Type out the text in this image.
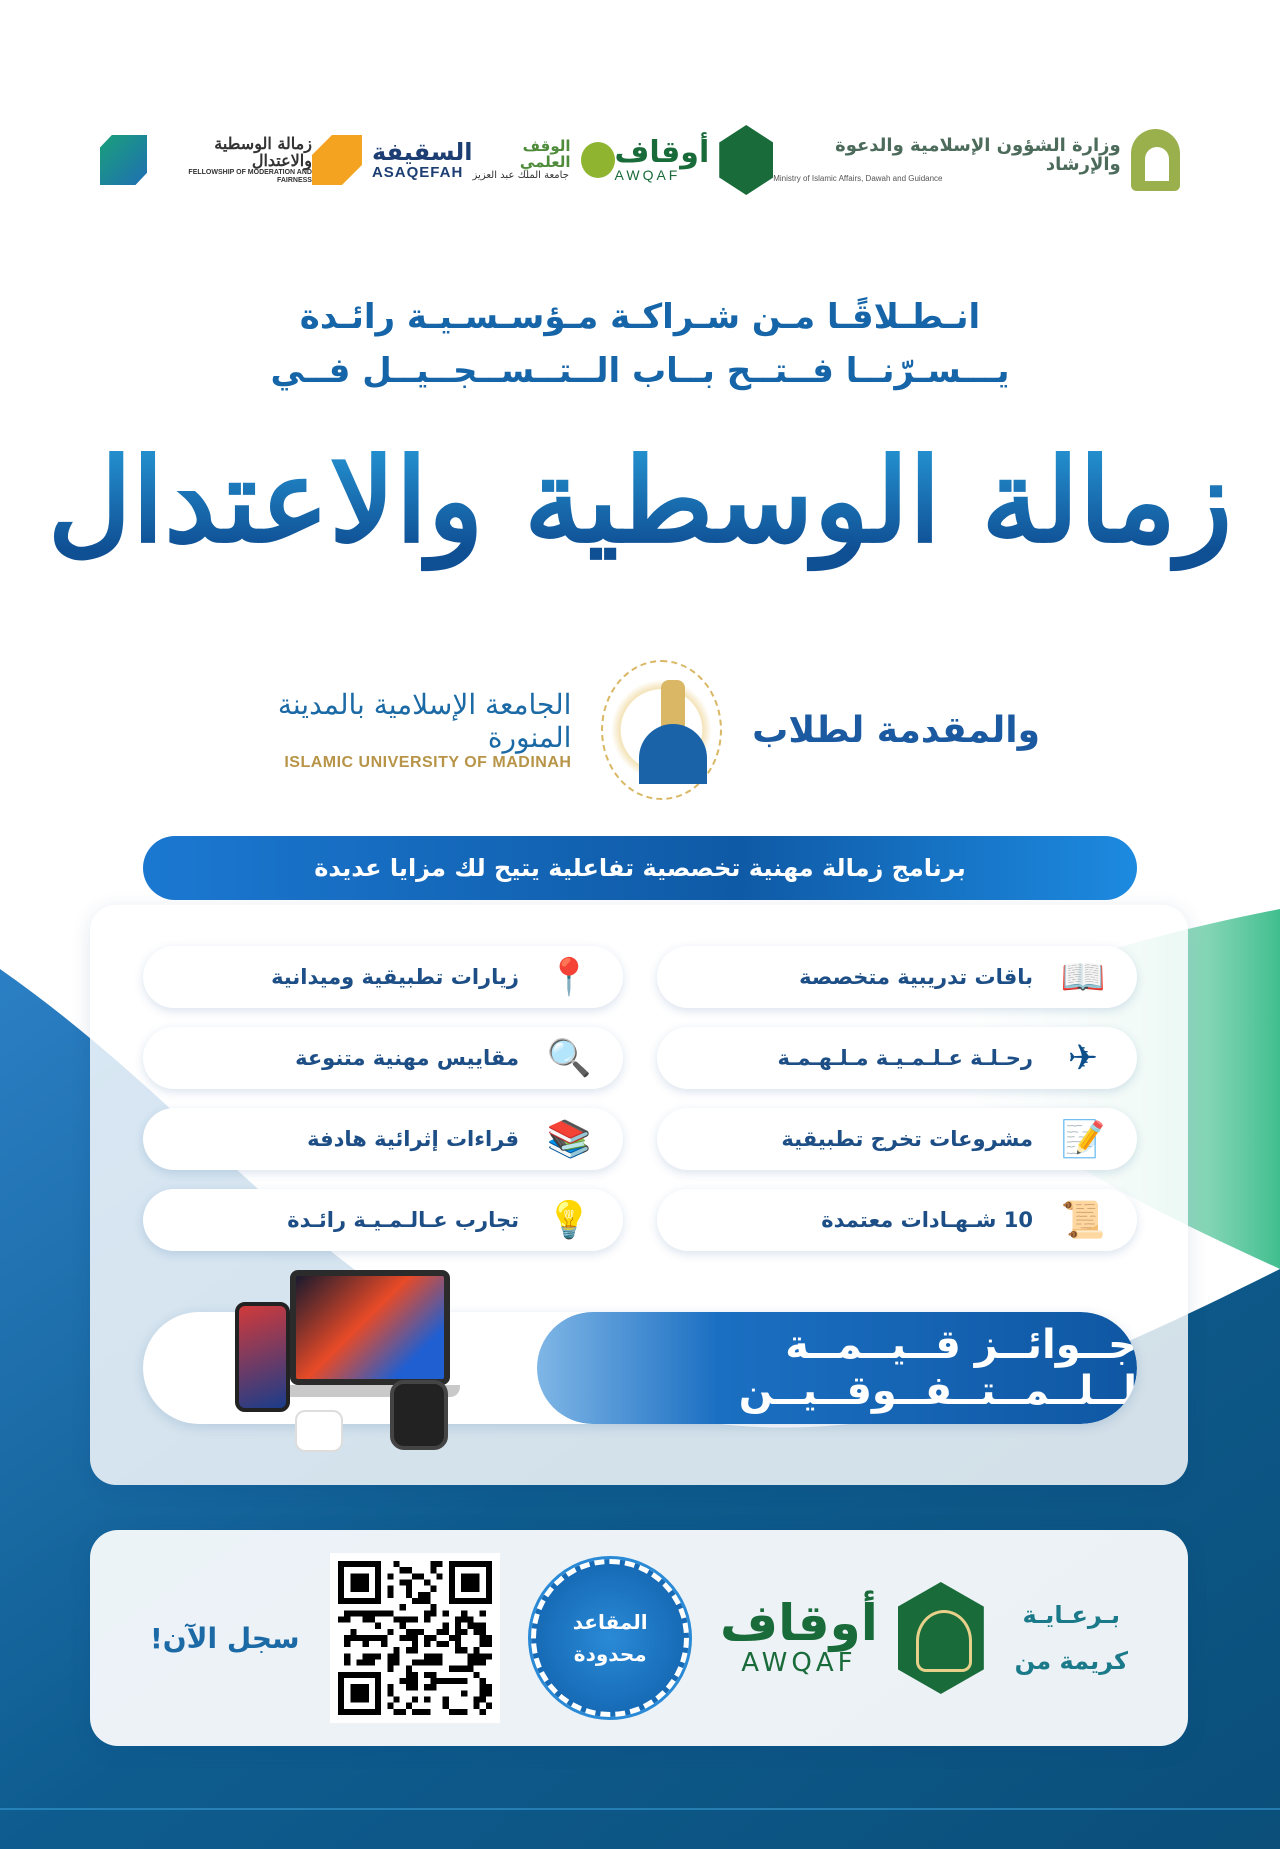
وزارة الشؤون الإسلامية والدعوة والإرشاد
Ministry of Islamic Affairs, Dawah and Guidance
أوقاف
AWQAF
الوقف العلمي
جامعة الملك عبد العزيز
السقيفة
ASAQEFAH
زمالة الوسطية والاعتدال
FELLOWSHIP OF MODERATION AND FAIRNESS

انـطـلاقًـا مـن شـراكـة مـؤسـسـيـة رائـدة

يـــسـرّنــا فــتــح بــاب الــتــســجــيــل فــي

زمالة الوسطية والاعتدال
والمقدمة لطلاب
الجامعة الإسلامية بالمدينة المنورة
ISLAMIC UNIVERSITY OF MADINAH
برنامج زمالة مهنية تخصصية تفاعلية يتيح لك مزايا عديدة
📖
باقات تدريبية متخصصة
📍
زيارات تطبيقية وميدانية
✈
رحـلـة عـلـمـيـة مـلـهـمـة
🔍
مقاييس مهنية متنوعة
📝
مشروعات تخرج تطبيقية
📚
قراءات إثرائية هادفة
📜
10 شـهـادات معتمدة
💡
تجارب عـالـمـيـة رائـدة
جــوائــز قــيــمــة لــلــمــتــفــوقــيــن
بـرعـايـة
كريمة من
أوقاف
AWQAF
المقاعد
محدودة
سجل الآن!
